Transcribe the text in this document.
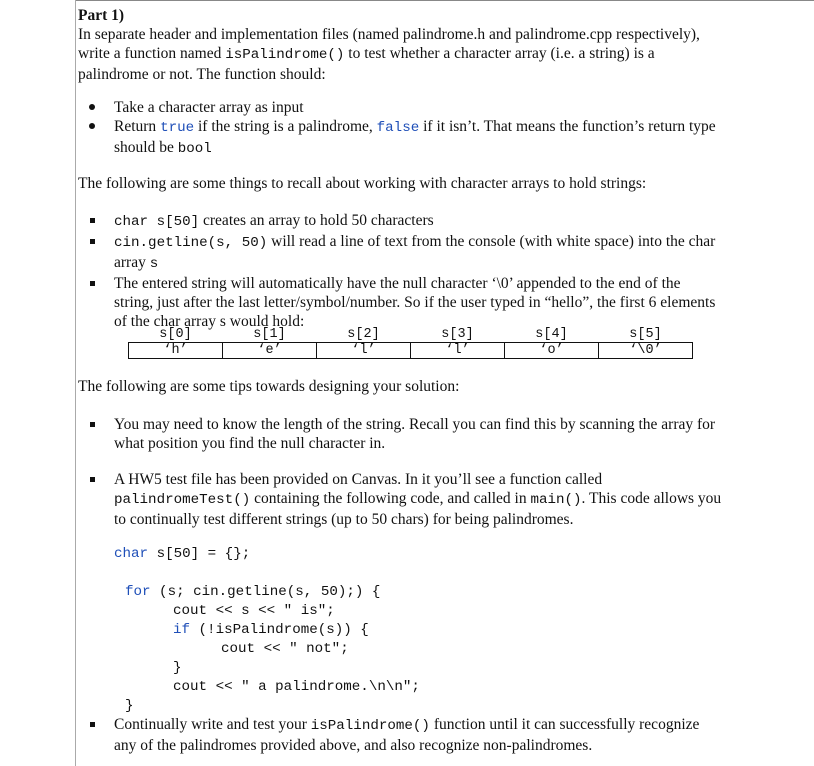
Part 1)
In separate header and implementation files (named palindrome.h and palindrome.cpp respectively),
write a function named isPalindrome() to test whether a character array (i.e. a string) is a
palindrome or not. The function should:
Take a character array as input
Return true if the string is a palindrome, false if it isn’t. That means the function’s return type
should be bool
The following are some things to recall about working with character arrays to hold strings:
char s[50] creates an array to hold 50 characters
cin.getline(s, 50) will read a line of text from the console (with white space) into the char
array s
The entered string will automatically have the null character ‘\0’ appended to the end of the
string, just after the last letter/symbol/number. So if the user typed in “hello”, the first 6 elements
of the char array s would hold:
s[0]	s[1]	s[2]	s[3]	s[4]	s[5]
‘h’	‘e’	‘l’	‘l’	‘o’	‘\0’
The following are some tips towards designing your solution:
You may need to know the length of the string. Recall you can find this by scanning the array for
what position you find the null character in.
A HW5 test file has been provided on Canvas. In it you’ll see a function called
palindromeTest() containing the following code, and called in main(). This code allows you
to continually test different strings (up to 50 chars) for being palindromes.
char s[50] = {};
for (s; cin.getline(s, 50);) {
cout << s << " is";
if (!isPalindrome(s)) {
cout << " not";
}
cout << " a palindrome.\n\n";
}
Continually write and test your isPalindrome() function until it can successfully recognize
any of the palindromes provided above, and also recognize non-palindromes.
